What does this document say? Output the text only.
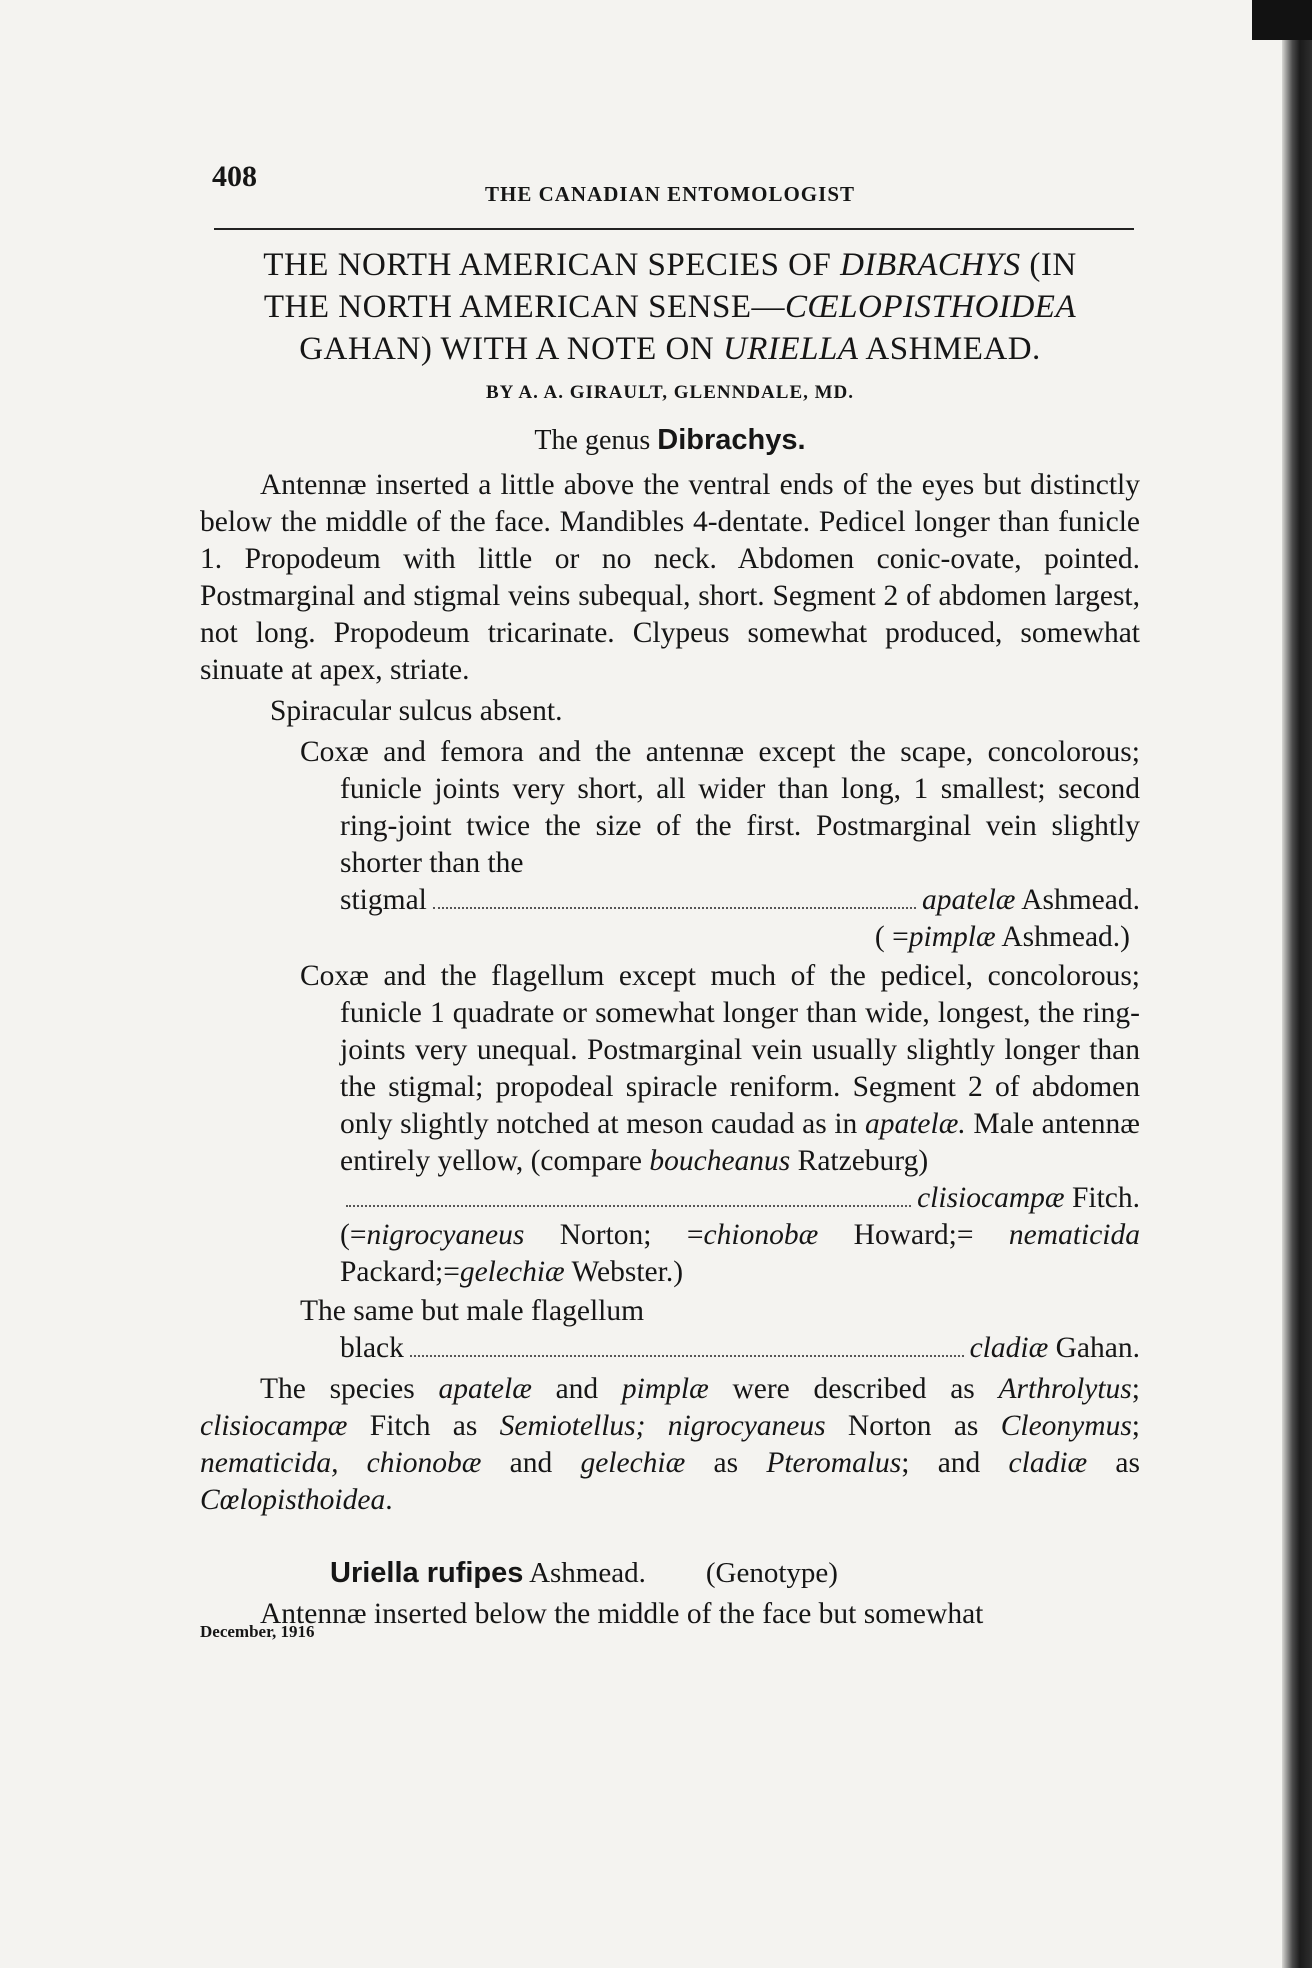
408
THE CANADIAN ENTOMOLOGIST
THE NORTH AMERICAN SPECIES OF DIBRACHYS (IN
THE NORTH AMERICAN SENSE—CŒLOPISTHOIDEA
GAHAN) WITH A NOTE ON URIELLA ASHMEAD.
BY A. A. GIRAULT, GLENNDALE, MD.
The genus Dibrachys.

Antennæ inserted a little above the ventral ends of the eyes but distinctly below the middle of the face. Mandibles 4-dentate. Pedicel longer than funicle 1. Propodeum with little or no neck. Abdomen conic-ovate, pointed. Postmarginal and stigmal veins subequal, short. Segment 2 of abdomen largest, not long. Propodeum tricarinate. Clypeus somewhat produced, somewhat sinuate at apex, striate.

Spiracular sulcus absent.

Coxæ and femora and the antennæ except the scape, concolorous; funicle joints very short, all wider than long, 1 smallest; second ring-joint twice the size of the first. Postmarginal vein slightly shorter than the

stigmal	apatelæ Ashmead.

( =pimplæ Ashmead.)

Coxæ and the flagellum except much of the pedicel, concolorous; funicle 1 quadrate or somewhat longer than wide, longest, the ring-joints very unequal. Postmarginal vein usually slightly longer than the stigmal; propodeal spiracle reniform. Segment 2 of abdomen only slightly notched at meson caudad as in apatelæ. Male antennæ entirely yellow, (compare boucheanus Ratzeburg)

clisiocampæ Fitch.

(=nigrocyaneus Norton; =chionobæ Howard;= nematicida Packard;=gelechiæ Webster.)

The same but male flagellum

black	cladiæ Gahan.

The species apatelæ and pimplæ were described as Arthrolytus; clisiocampæ Fitch as Semiotellus; nigrocyaneus Norton as Cleonymus; nematicida, chionobæ and gelechiæ as Pteromalus; and cladiæ as Cœlopisthoidea.

Uriella rufipes Ashmead. (Genotype)

Antennæ inserted below the middle of the face but somewhat

December, 1916
